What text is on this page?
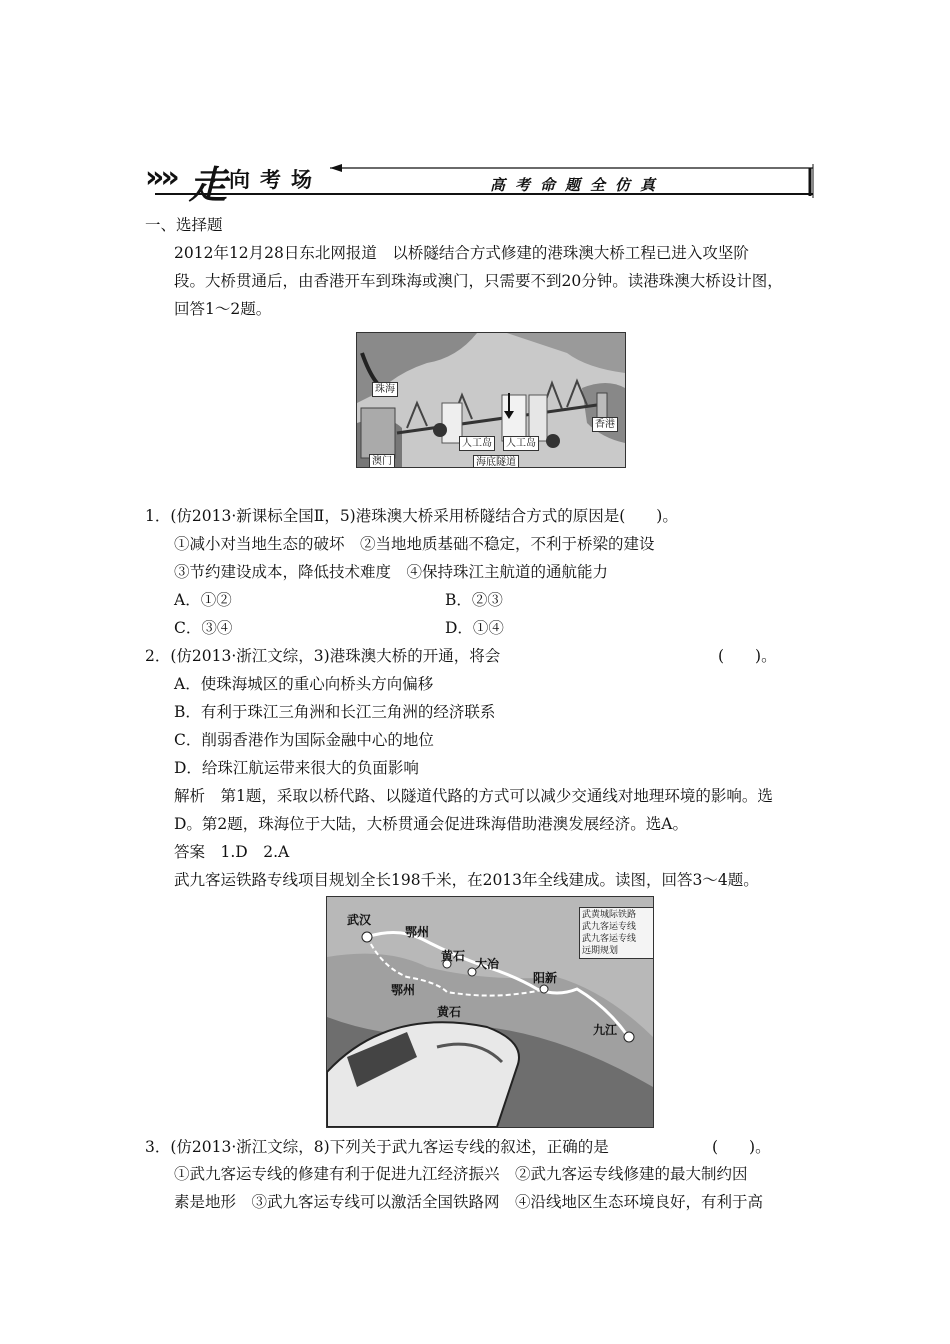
»» 走 向考场	高考命题全仿真
一、选择题
2012年12月28日东北网报道　以桥隧结合方式修建的港珠澳大桥工程已进入攻坚阶
段。大桥贯通后，由香港开车到珠海或澳门，只需要不到20分钟。读港珠澳大桥设计图，
回答1～2题。
珠海
澳门
人工岛	人工岛
海底隧道
香港
1．(仿2013·新课标全国Ⅱ，5)港珠澳大桥采用桥隧结合方式的原因是(　　)。
①减小对当地生态的破坏　②当地地质基础不稳定，不利于桥梁的建设
③节约建设成本，降低技术难度　④保持珠江主航道的通航能力
A．①②	B．②③
C．③④	D．①④
2．(仿2013·浙江文综，3)港珠澳大桥的开通，将会	(　　)。
A．使珠海城区的重心向桥头方向偏移
B．有利于珠江三角洲和长江三角洲的经济联系
C．削弱香港作为国际金融中心的地位
D．给珠江航运带来很大的负面影响
解析　第1题，采取以桥代路、以隧道代路的方式可以减少交通线对地理环境的影响。选
D。第2题，珠海位于大陆，大桥贯通会促进珠海借助港澳发展经济。选A。
答案　1.D　2.A
武九客运铁路专线项目规划全长198千米，在2013年全线建成。读图，回答3～4题。
武汉
鄂州
黄石
大冶
阳新
鄂州
黄石
九江
武黄城际铁路
武九客运专线
武九客运专线
远期规划
3．(仿2013·浙江文综，8)下列关于武九客运专线的叙述，正确的是	(　　)。
①武九客运专线的修建有利于促进九江经济振兴　②武九客运专线修建的最大制约因
素是地形　③武九客运专线可以激活全国铁路网　④沿线地区生态环境良好，有利于高
